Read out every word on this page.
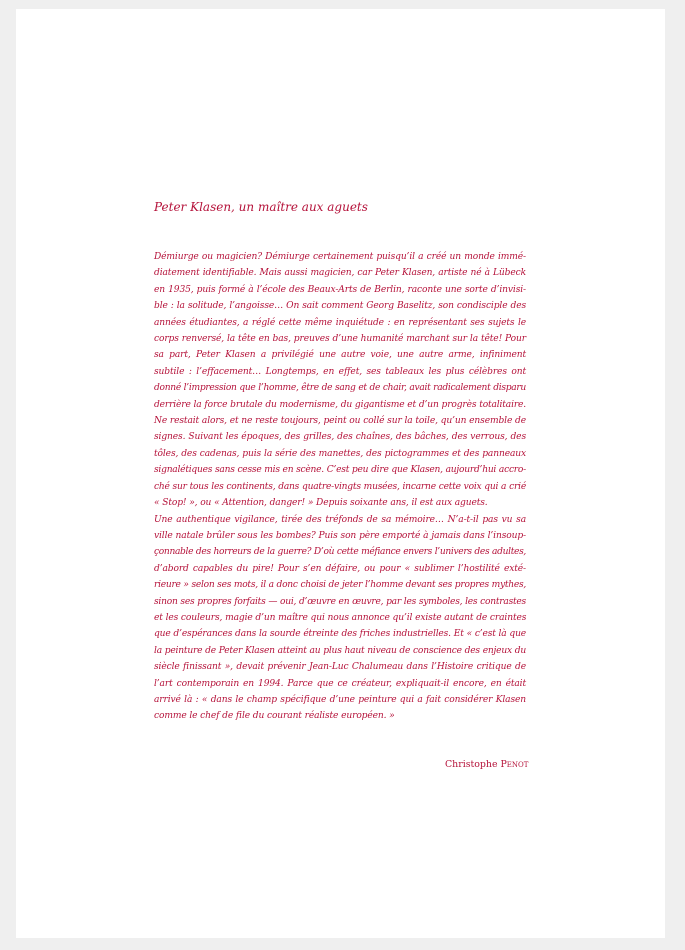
Peter Klasen, un maître aux aguets

Démiurge ou magicien? Démiurge certainement puisqu’il a créé un monde immé-
diatement identifiable. Mais aussi magicien, car Peter Klasen, artiste né à Lübeck
en 1935, puis formé à l’école des Beaux-Arts de Berlin, raconte une sorte d’invisi-
ble : la solitude, l’angoisse… On sait comment Georg Baselitz, son condisciple des
années étudiantes, a réglé cette même inquiétude : en représentant ses sujets le
corps renversé, la tête en bas, preuves d’une humanité marchant sur la tête! Pour
sa part, Peter Klasen a privilégié une autre voie, une autre arme, infiniment
subtile : l’effacement… Longtemps, en effet, ses tableaux les plus célèbres ont
donné l’impression que l’homme, être de sang et de chair, avait radicalement disparu
derrière la force brutale du modernisme, du gigantisme et d’un progrès totalitaire.
Ne restait alors, et ne reste toujours, peint ou collé sur la toile, qu’un ensemble de
signes. Suivant les époques, des grilles, des chaînes, des bâches, des verrous, des
tôles, des cadenas, puis la série des manettes, des pictogrammes et des panneaux
signalétiques sans cesse mis en scène. C’est peu dire que Klasen, aujourd’hui accro-
ché sur tous les continents, dans quatre-vingts musées, incarne cette voix qui a crié
« Stop! », ou « Attention, danger! » Depuis soixante ans, il est aux aguets.

Une authentique vigilance, tirée des tréfonds de sa mémoire… N’a-t-il pas vu sa
ville natale brûler sous les bombes? Puis son père emporté à jamais dans l’insoup-
çonnable des horreurs de la guerre? D’où cette méfiance envers l’univers des adultes,
d’abord capables du pire! Pour s’en défaire, ou pour « sublimer l’hostilité exté-
rieure » selon ses mots, il a donc choisi de jeter l’homme devant ses propres mythes,
sinon ses propres forfaits — oui, d’œuvre en œuvre, par les symboles, les contrastes
et les couleurs, magie d’un maître qui nous annonce qu’il existe autant de craintes
que d’espérances dans la sourde étreinte des friches industrielles. Et « c’est là que
la peinture de Peter Klasen atteint au plus haut niveau de conscience des enjeux du
siècle finissant », devait prévenir Jean-Luc Chalumeau dans l’Histoire critique de
l’art contemporain en 1994. Parce que ce créateur, expliquait-il encore, en était
arrivé là : « dans le champ spécifique d’une peinture qui a fait considérer Klasen
comme le chef de file du courant réaliste européen. »

Christophe Penot
